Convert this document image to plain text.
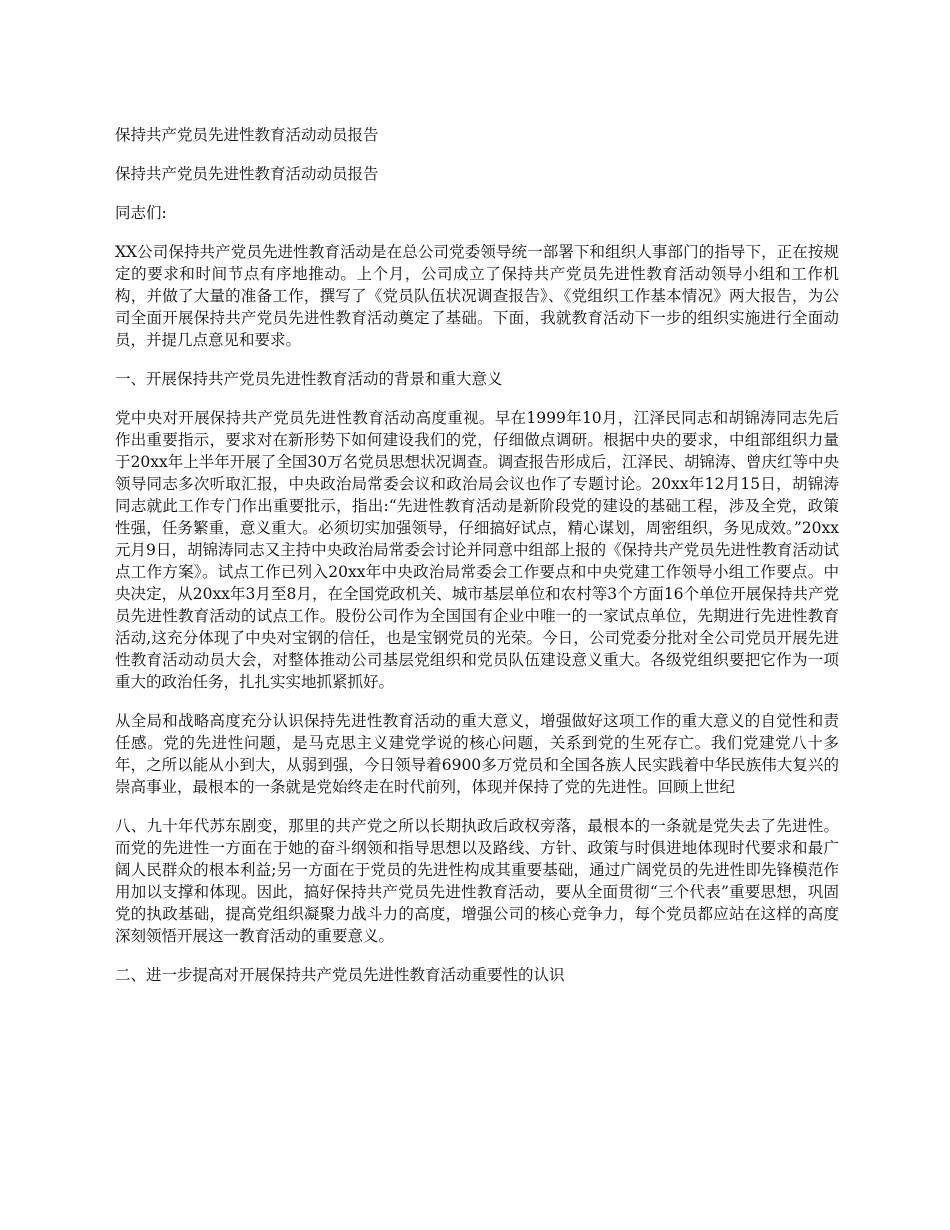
保持共产党员先进性教育活动动员报告

保持共产党员先进性教育活动动员报告

同志们:

XX公司保持共产党员先进性教育活动是在总公司党委领导统一部署下和组织人事部门的指导下，正在按规定的要求和时间节点有序地推动。上个月，公司成立了保持共产党员先进性教育活动领导小组和工作机构，并做了大量的准备工作，撰写了《党员队伍状况调查报告》、《党组织工作基本情况》两大报告，为公司全面开展保持共产党员先进性教育活动奠定了基础。下面，我就教育活动下一步的组织实施进行全面动员，并提几点意见和要求。

一、开展保持共产党员先进性教育活动的背景和重大意义

党中央对开展保持共产党员先进性教育活动高度重视。早在1999年10月，江泽民同志和胡锦涛同志先后作出重要指示，要求对在新形势下如何建设我们的党，仔细做点调研。根据中央的要求，中组部组织力量于20xx年上半年开展了全国30万名党员思想状况调查。调查报告形成后，江泽民、胡锦涛、曾庆红等中央领导同志多次听取汇报，中央政治局常委会议和政治局会议也作了专题讨论。20xx年12月15日，胡锦涛同志就此工作专门作出重要批示，指出:“先进性教育活动是新阶段党的建设的基础工程，涉及全党，政策性强，任务繁重，意义重大。必须切实加强领导，仔细搞好试点，精心谋划，周密组织，务见成效。”20xx元月9日，胡锦涛同志又主持中央政治局常委会讨论并同意中组部上报的《保持共产党员先进性教育活动试点工作方案》。试点工作已列入20xx年中央政治局常委会工作要点和中央党建工作领导小组工作要点。中央决定，从20xx年3月至8月，在全国党政机关、城市基层单位和农村等3个方面16个单位开展保持共产党员先进性教育活动的试点工作。股份公司作为全国国有企业中唯一的一家试点单位，先期进行先进性教育活动,这充分体现了中央对宝钢的信任，也是宝钢党员的光荣。今日，公司党委分批对全公司党员开展先进性教育活动动员大会，对整体推动公司基层党组织和党员队伍建设意义重大。各级党组织要把它作为一项重大的政治任务，扎扎实实地抓紧抓好。

从全局和战略高度充分认识保持先进性教育活动的重大意义，增强做好这项工作的重大意义的自觉性和责任感。党的先进性问题，是马克思主义建党学说的核心问题，关系到党的生死存亡。我们党建党八十多年，之所以能从小到大，从弱到强，今日领导着6900多万党员和全国各族人民实践着中华民族伟大复兴的崇高事业，最根本的一条就是党始终走在时代前列，体现并保持了党的先进性。回顾上世纪

八、九十年代苏东剧变，那里的共产党之所以长期执政后政权旁落，最根本的一条就是党失去了先进性。而党的先进性一方面在于她的奋斗纲领和指导思想以及路线、方针、政策与时俱进地体现时代要求和最广阔人民群众的根本利益;另一方面在于党员的先进性构成其重要基础，通过广阔党员的先进性即先锋模范作用加以支撑和体现。因此，搞好保持共产党员先进性教育活动，要从全面贯彻“三个代表”重要思想，巩固党的执政基础，提高党组织凝聚力战斗力的高度，增强公司的核心竞争力，每个党员都应站在这样的高度深刻领悟开展这一教育活动的重要意义。

二、进一步提高对开展保持共产党员先进性教育活动重要性的认识
